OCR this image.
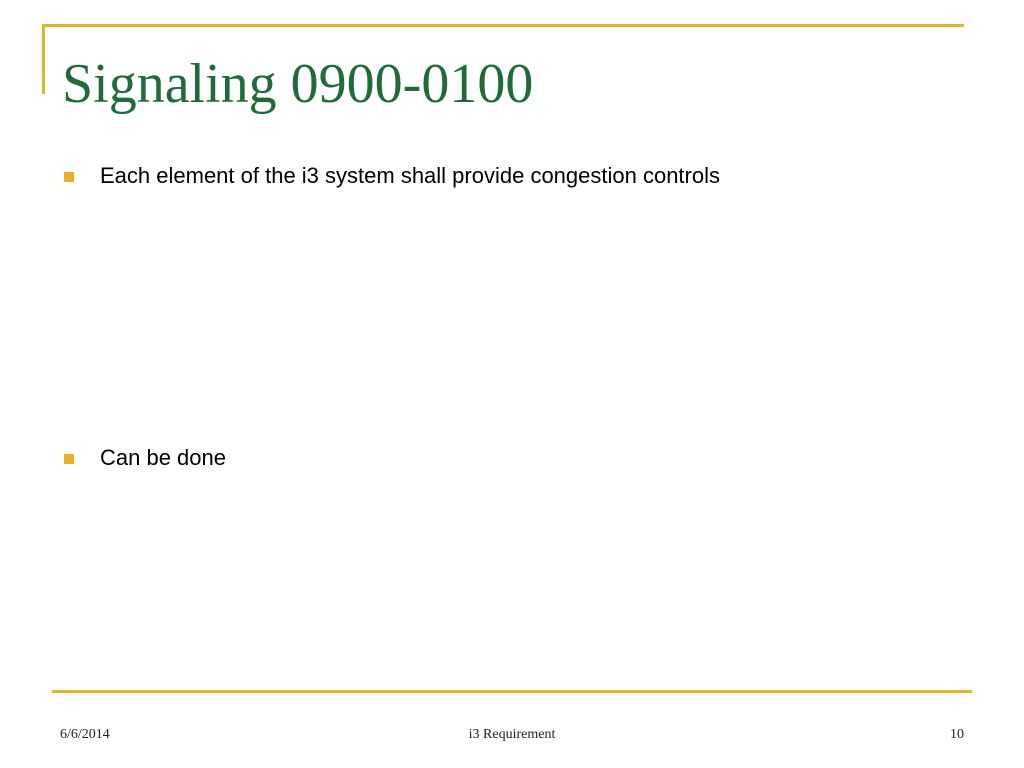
Signaling 0900-0100
Each element of the i3 system shall provide congestion controls
Can be done
6/6/2014	i3 Requirement	10
